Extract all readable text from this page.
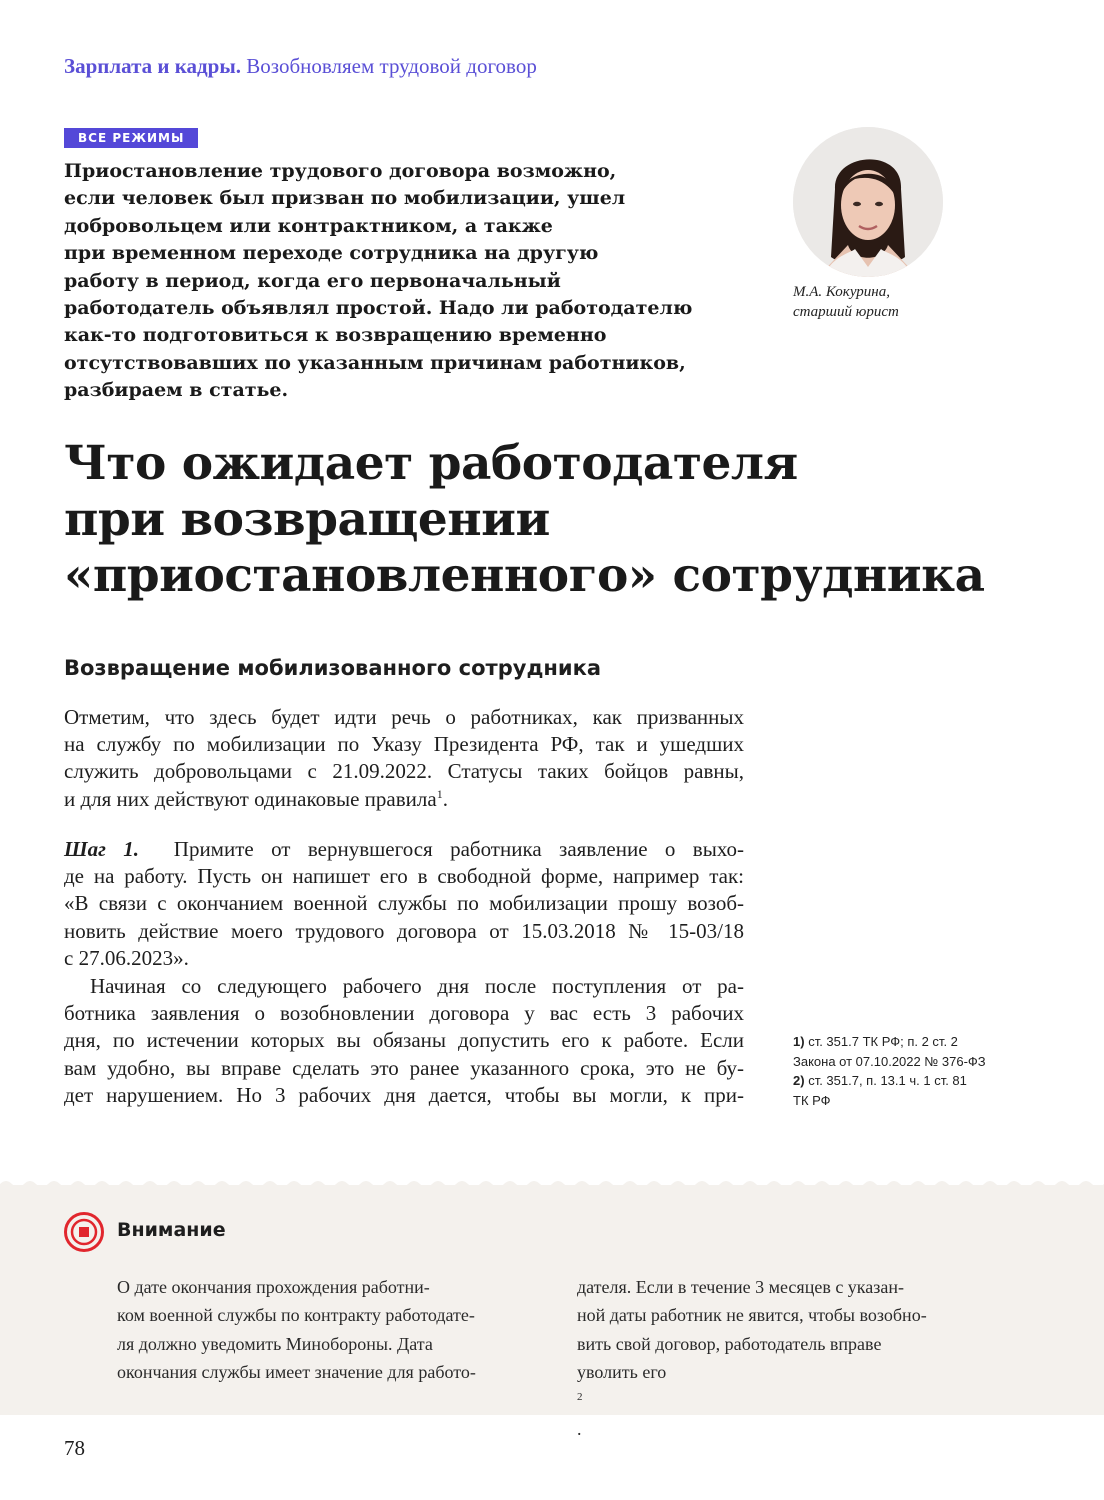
Зарплата и кадры. Возобновляем трудовой договор
ВСЕ РЕЖИМЫ
Приостановление трудового договора возможно,
если человек был призван по мобилизации, ушел
добровольцем или контрактником, а также
при временном переходе сотрудника на другую
работу в период, когда его первоначальный
работодатель объявлял простой. Надо ли работодателю
как-то подготовиться к возвращению временно
отсутствовавших по указанным причинам работников,
разбираем в статье.
М.А. Кокурина,
старший юрист
Что ожидает работодателя
при возвращении
«приостановленного» сотрудника
Возвращение мобилизованного сотрудника
Отметим, что здесь будет идти речь о работниках, как призванных
на службу по мобилизации по Указу Президента РФ, так и ушедших
служить добровольцами с 21.09.2022. Статусы таких бойцов равны,
и для них действуют одинаковые правила$^1$.
Шаг 1. Примите от вернувшегося работника заявление о выхо-
де на работу. Пусть он напишет его в свободной форме, например так:
«В связи с окончанием военной службы по мобилизации прошу возоб-
новить действие моего трудового договора от 15.03.2018 № 15-03/18
с 27.06.2023».
Начиная со следующего рабочего дня после поступления от ра-
ботника заявления о возобновлении договора у вас есть 3 рабочих
дня, по истечении которых вы обязаны допустить его к работе. Если
вам удобно, вы вправе сделать это ранее указанного срока, это не бу-
дет нарушением. Но 3 рабочих дня дается, чтобы вы могли, к при-
1) ст. 351.7 ТК РФ; п. 2 ст. 2
Закона от 07.10.2022 № 376-ФЗ
2) ст. 351.7, п. 13.1 ч. 1 ст. 81
ТК РФ
Внимание
О дате окончания прохождения работни-
ком военной службы по контракту работодате-
ля должно уведомить Минобороны. Дата
окончания службы имеет значение для работо-
дателя. Если в течение 3 месяцев с указан-
ной даты работник не явится, чтобы возобно-
вить свой договор, работодатель вправе
уволить его
$^2$
.
78
